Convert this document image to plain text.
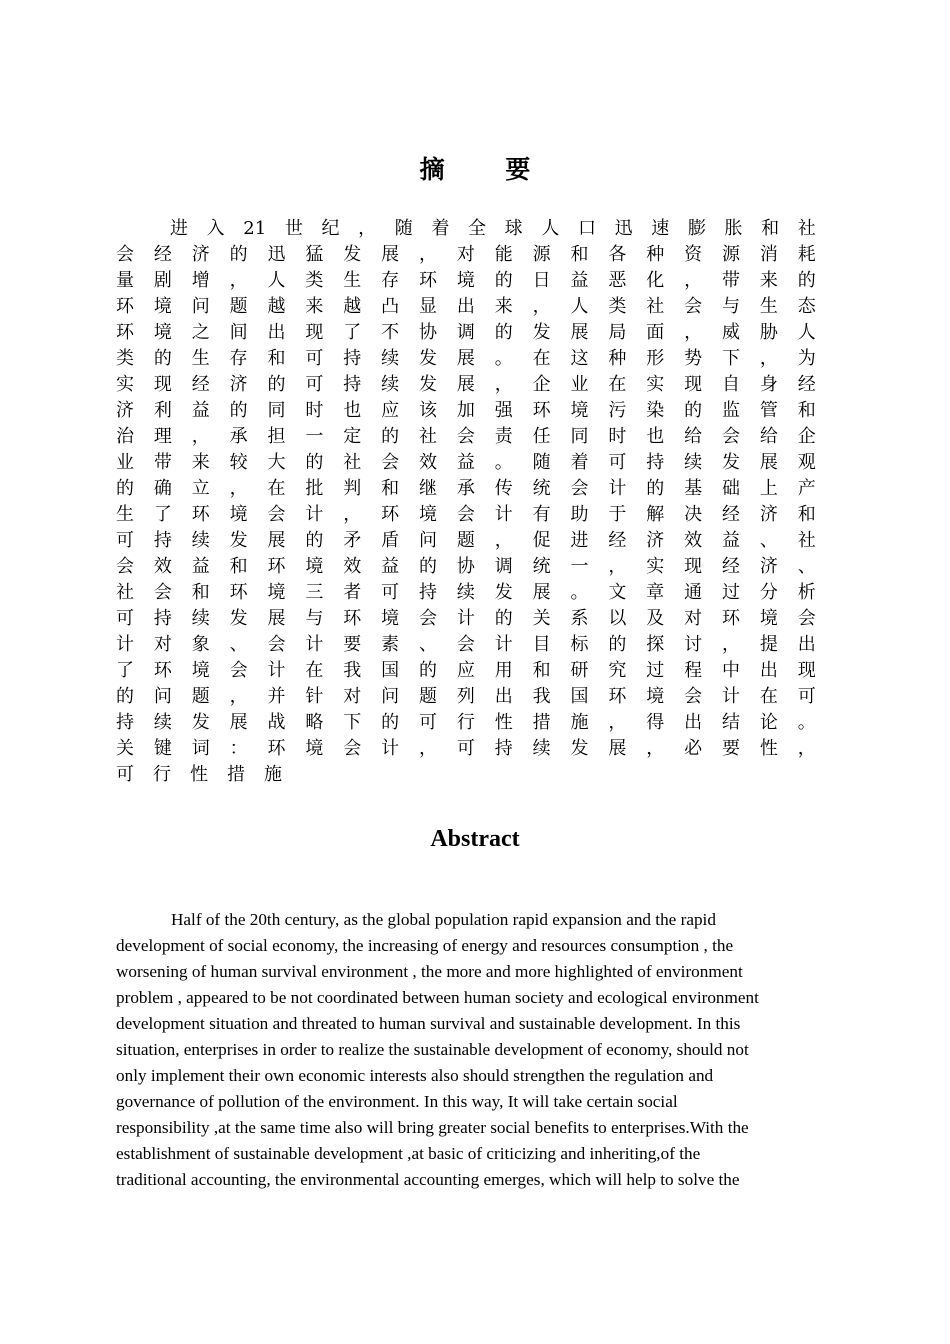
摘 要
进 入 21 世 纪 ， 随 着 全 球 人 口 迅 速 膨 胀 和 社
会 经 济 的 迅 猛 发 展 ， 对 能 源 和 各 种 资 源 消 耗
量 剧 增 ， 人 类 生 存 环 境 的 日 益 恶 化 ， 带 来 的
环 境 问 题 越 来 越 凸 显 出 来 ， 人 类 社 会 与 生 态
环 境 之 间 出 现 了 不 协 调 的 发 展 局 面 ， 威 胁 人
类 的 生 存 和 可 持 续 发 展 。 在 这 种 形 势 下 ， 为
实 现 经 济 的 可 持 续 发 展 ， 企 业 在 实 现 自 身 经
济 利 益 的 同 时 也 应 该 加 强 环 境 污 染 的 监 管 和
治 理 ， 承 担 一 定 的 社 会 责 任 同 时 也 给 会 给 企
业 带 来 较 大 的 社 会 效 益 。 随 着 可 持 续 发 展 观
的 确 立 ， 在 批 判 和 继 承 传 统 会 计 的 基 础 上 产
生 了 环 境 会 计 ， 环 境 会 计 有 助 于 解 决 经 济 和
可 持 续 发 展 的 矛 盾 问 题 ， 促 进 经 济 效 益 、 社
会 效 益 和 环 境 效 益 的 协 调 统 一 ， 实 现 经 济 、
社 会 和 环 境 三 者 可 持 续 发 展 。 文 章 通 过 分 析
可 持 续 发 展 与 环 境 会 计 的 关 系 以 及 对 环 境 会
计 对 象 、 会 计 要 素 、 会 计 目 标 的 探 讨 ， 提 出
了 环 境 会 计 在 我 国 的 应 用 和 研 究 过 程 中 出 现
的 问 题 ， 并 针 对 问 题 列 出 我 国 环 境 会 计 在 可
持 续 发 展 战 略 下 的 可 行 性 措 施 ， 得 出 结 论 。
关 键 词 ： 环 境 会 计 ， 可 持 续 发 展 ， 必 要 性 ，
可 行 性 措 施
Abstract
Half of the 20th century, as the global population rapid expansion and the rapid
development of social economy, the increasing of energy and resources consumption , the
worsening of human survival environment , the more and more highlighted of environment
problem , appeared to be not coordinated between human society and ecological environment
development situation and threated to human survival and sustainable development. In this
situation, enterprises in order to realize the sustainable development of economy, should not
only implement their own economic interests also should strengthen the regulation and
governance of pollution of the environment. In this way, It will take certain social
responsibility ,at the same time also will bring greater social benefits to enterprises.With the
establishment of sustainable development ,at basic of criticizing and inheriting,of the
traditional accounting, the environmental accounting emerges, which will help to solve the
